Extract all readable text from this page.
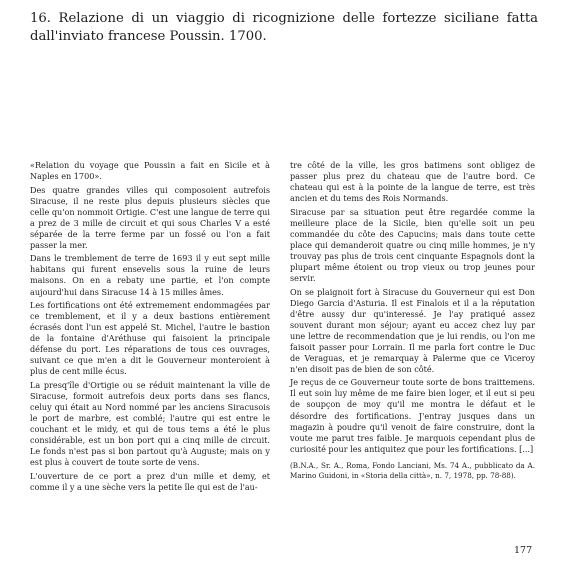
16. Relazione di un viaggio di ricognizione delle fortezze siciliane fatta dall'inviato francese Poussin. 1700.

«Relation du voyage que Poussin a fait en Sicile et à Naples en 1700».

Des quatre grandes villes qui composoient autrefois Siracuse, il ne reste plus depuis plusieurs siècles que celle qu'on nommoit Ortigie. C'est une langue de terre qui a prez de 3 mille de circuit et qui sous Charles V a esté séparée de la terre ferme par un fossé ou l'on a fait passer la mer.

Dans le tremblement de terre de 1693 il y eut sept mille habitans qui furent ensevelis sous la ruine de leurs maisons. On en a rebaty une partie, et l'on compte aujourd'hui dans Siracuse 14 à 15 milles âmes.

Les fortifications ont été extremement endommagées par ce tremblement, et il y a deux bastions entièrement écrasés dont l'un est appelé St. Michel, l'autre le bastion de la fontaine d'Aréthuse qui faisoient la principale défense du port. Les réparations de tous ces ouvrages, suivant ce que m'en a dit le Gouverneur monteroient à plus de cent mille écus.

La presq'île d'Ortigie ou se réduit maintenant la ville de Siracuse, formoit autrefois deux ports dans ses flancs, celuy qui était au Nord nommé par les anciens Siracusois le port de marbre, est comblé; l'autre qui est entre le couchant et le midy, et qui de tous tems a été le plus considérable, est un bon port qui a cinq mille de circuit. Le fonds n'est pas si bon partout qu'à Auguste; mais on y est plus à couvert de toute sorte de vens.

L'ouverture de ce port a prez d'un mille et demy, et comme il y a une sèche vers la petite île qui est de l'au-

tre côté de la ville, les gros batimens sont obligez de passer plus prez du chateau que de l'autre bord. Ce chateau qui est à la pointe de la langue de terre, est très ancien et du tems des Rois Normands.

Siracuse par sa situation peut être regardée comme la meilleure place de la Sicile, bien qu'elle soit un peu commandée du côte des Capucins; mais dans toute cette place qui demanderoit quatre ou cinq mille hommes, je n'y trouvay pas plus de trois cent cinquante Espagnols dont la plupart même étoient ou trop vieux ou trop jeunes pour servir.

On se plaignoit fort à Siracuse du Gouverneur qui est Don Diego Garcia d'Asturia. Il est Finalois et il a la réputation d'être aussy dur qu'interessé. Je l'ay pratiqué assez souvent durant mon séjour; ayant eu accez chez luy par une lettre de recommendation que je lui rendis, ou l'on me faisoit passer pour Lorrain. Il me parla fort contre le Duc de Veraguas, et je remarquay à Palerme que ce Viceroy n'en disoit pas de bien de son côté.

Je reçus de ce Gouverneur toute sorte de bons traittemens. Il eut soin luy même de me faire bien loger, et il eut si peu de soupçon de moy qu'il me montra le défaut et le désordre des fortifications. J'entray jusques dans un magazin à poudre qu'il venoit de faire construire, dont la voute me parut tres faible. Je marquois cependant plus de curiosité pour les antiquitez que pour les fortifications. [...]

(B.N.A., Sr. A., Roma, Fondo Lanciani, Ms. 74 A., pubblicato da A. Marino Guidoni, in «Storia della città», n. 7, 1978, pp. 78-88).

177
